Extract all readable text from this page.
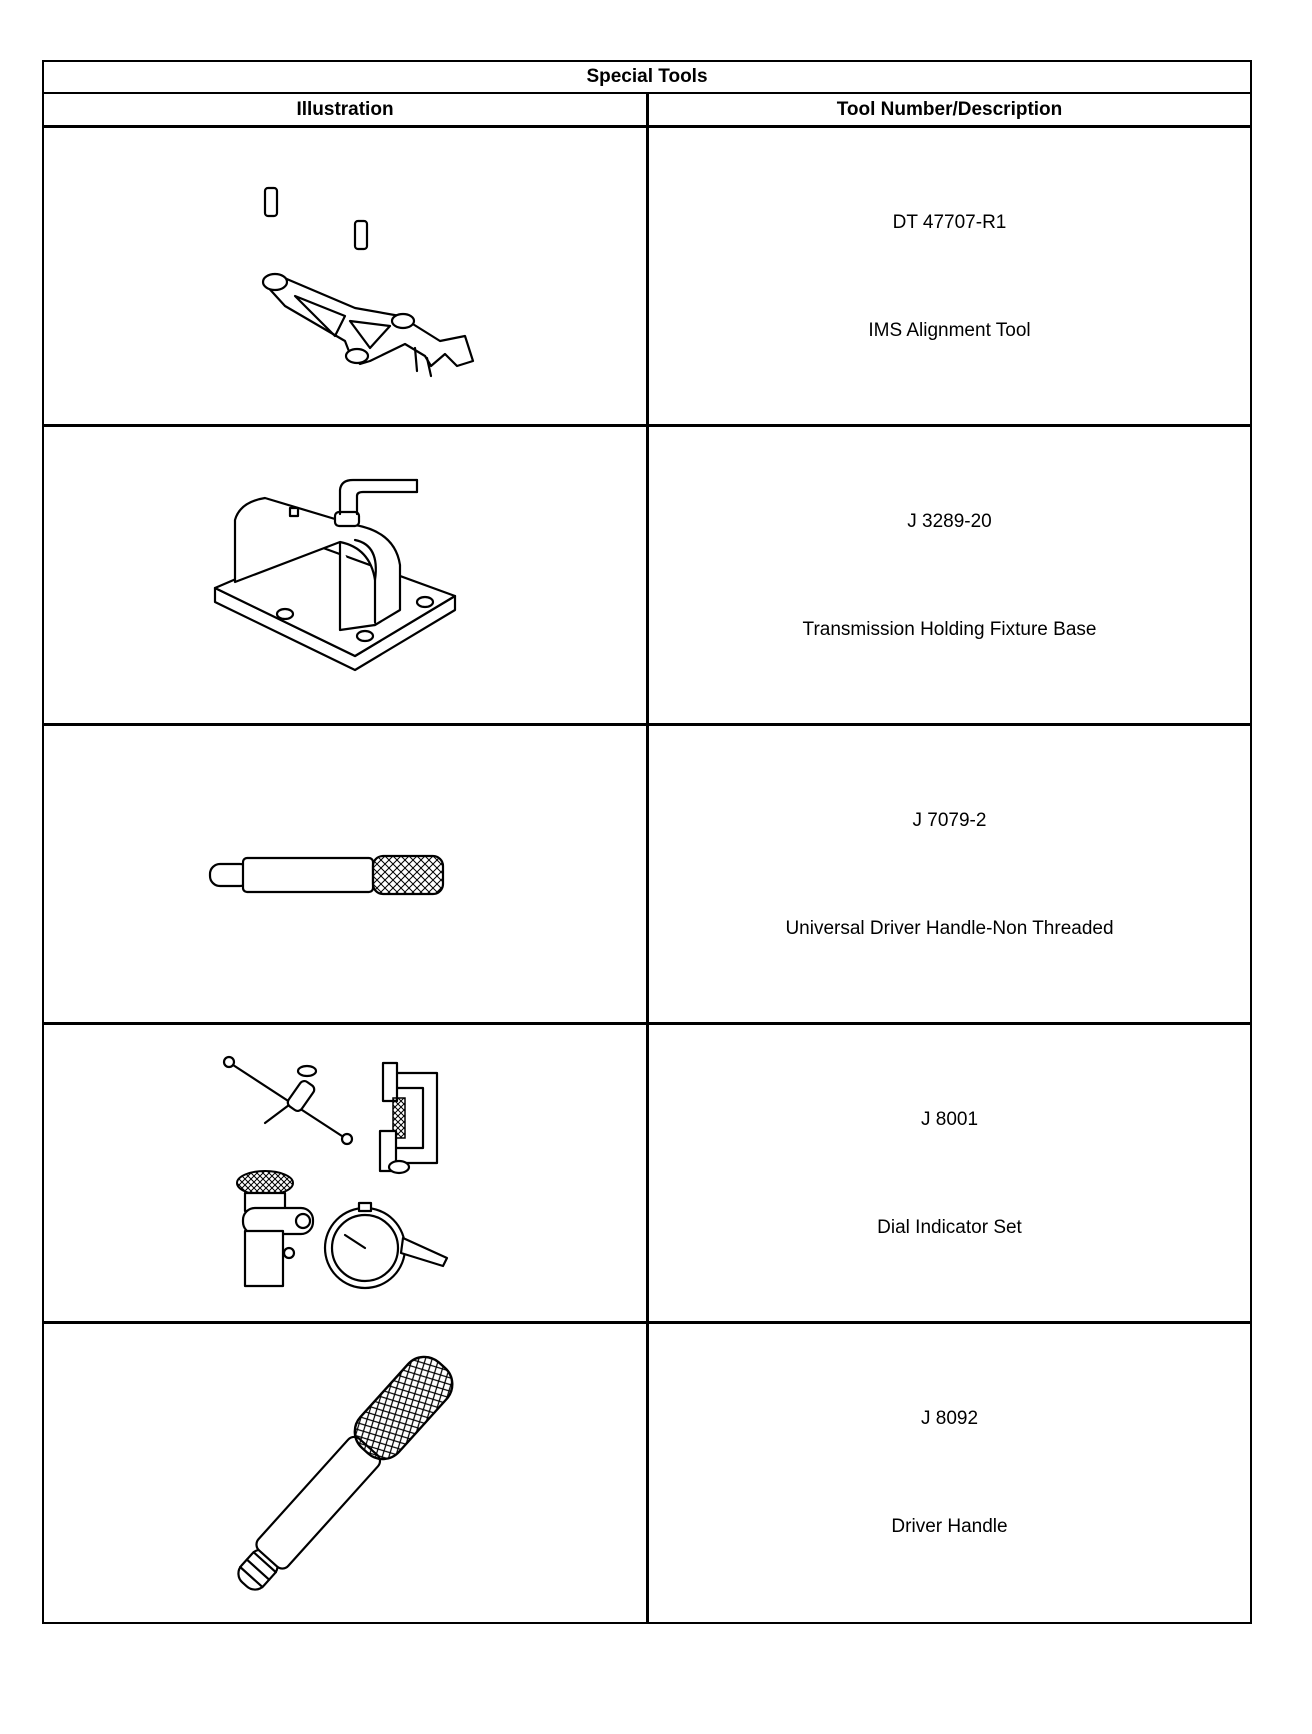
Special Tools
Illustration	Tool Number/Description
DT 47707-R1
IMS Alignment Tool
J 3289-20
Transmission Holding Fixture Base
J 7079-2
Universal Driver Handle-Non Threaded
J 8001
Dial Indicator Set
J 8092
Driver Handle
